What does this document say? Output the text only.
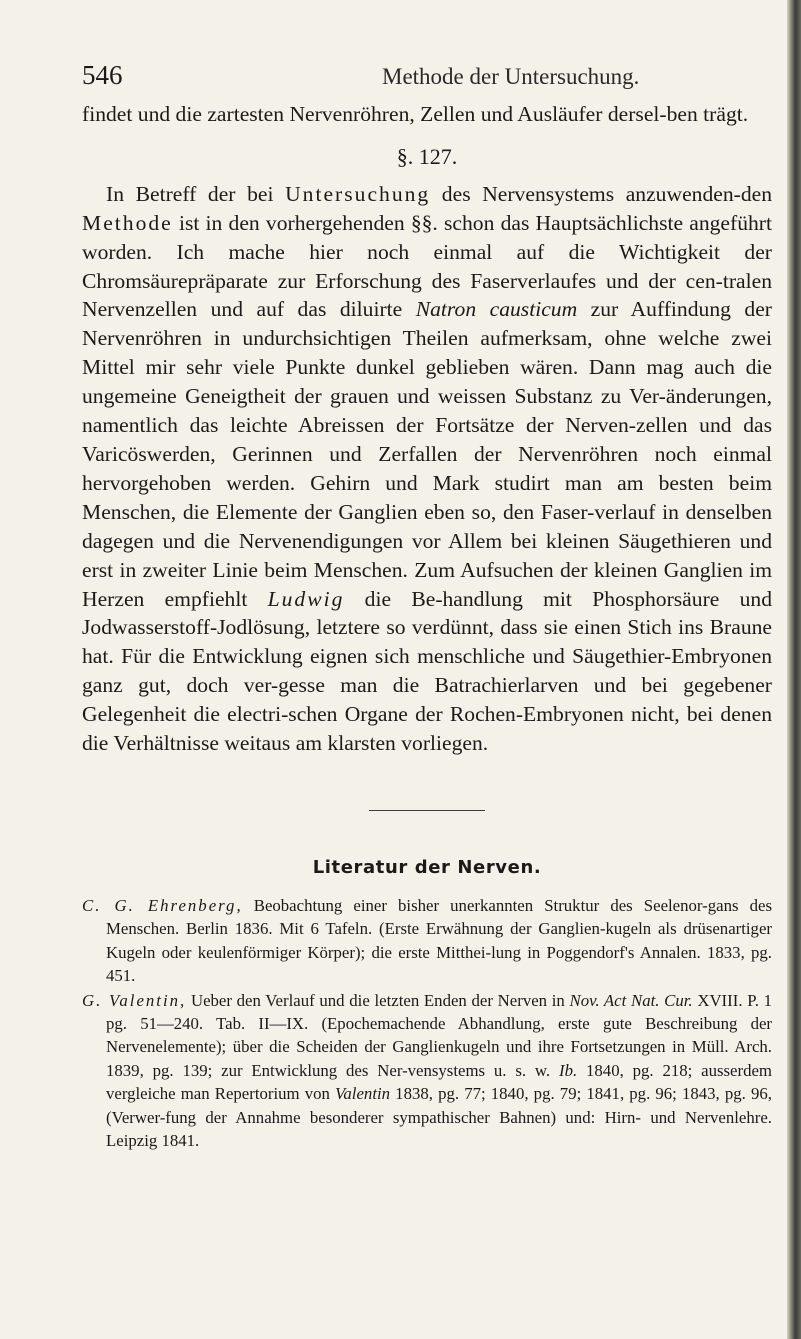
546	Methode der Untersuchung.

findet und die zartesten Nervenröhren, Zellen und Ausläufer dersel-ben trägt.

§. 127.

In Betreff der bei Untersuchung des Nervensystems anzuwenden-den Methode ist in den vorhergehenden §§. schon das Hauptsächlichste angeführt worden. Ich mache hier noch einmal auf die Wichtigkeit der Chromsäurepräparate zur Erforschung des Faserverlaufes und der cen-tralen Nervenzellen und auf das diluirte Natron causticum zur Auffindung der Nervenröhren in undurchsichtigen Theilen aufmerksam, ohne welche zwei Mittel mir sehr viele Punkte dunkel geblieben wären. Dann mag auch die ungemeine Geneigtheit der grauen und weissen Substanz zu Ver-änderungen, namentlich das leichte Abreissen der Fortsätze der Nerven-zellen und das Varicöswerden, Gerinnen und Zerfallen der Nervenröhren noch einmal hervorgehoben werden. Gehirn und Mark studirt man am besten beim Menschen, die Elemente der Ganglien eben so, den Faser-verlauf in denselben dagegen und die Nervenendigungen vor Allem bei kleinen Säugethieren und erst in zweiter Linie beim Menschen. Zum Aufsuchen der kleinen Ganglien im Herzen empfiehlt Ludwig die Be-handlung mit Phosphorsäure und Jodwasserstoff-Jodlösung, letztere so verdünnt, dass sie einen Stich ins Braune hat. Für die Entwicklung eignen sich menschliche und Säugethier-Embryonen ganz gut, doch ver-gesse man die Batrachierlarven und bei gegebener Gelegenheit die electri-schen Organe der Rochen-Embryonen nicht, bei denen die Verhältnisse weitaus am klarsten vorliegen.

Literatur der Nerven.

C. G. Ehrenberg, Beobachtung einer bisher unerkannten Struktur des Seelenor-gans des Menschen. Berlin 1836. Mit 6 Tafeln. (Erste Erwähnung der Ganglien-kugeln als drüsenartiger Kugeln oder keulenförmiger Körper); die erste Mitthei-lung in Poggendorf's Annalen. 1833, pg. 451.

G. Valentin, Ueber den Verlauf und die letzten Enden der Nerven in Nov. Act Nat. Cur. XVIII. P. 1 pg. 51—240. Tab. II—IX. (Epochemachende Abhandlung, erste gute Beschreibung der Nervenelemente); über die Scheiden der Ganglienkugeln und ihre Fortsetzungen in Müll. Arch. 1839, pg. 139; zur Entwicklung des Ner-vensystems u. s. w. Ib. 1840, pg. 218; ausserdem vergleiche man Repertorium von Valentin 1838, pg. 77; 1840, pg. 79; 1841, pg. 96; 1843, pg. 96, (Verwer-fung der Annahme besonderer sympathischer Bahnen) und: Hirn- und Nervenlehre. Leipzig 1841.
